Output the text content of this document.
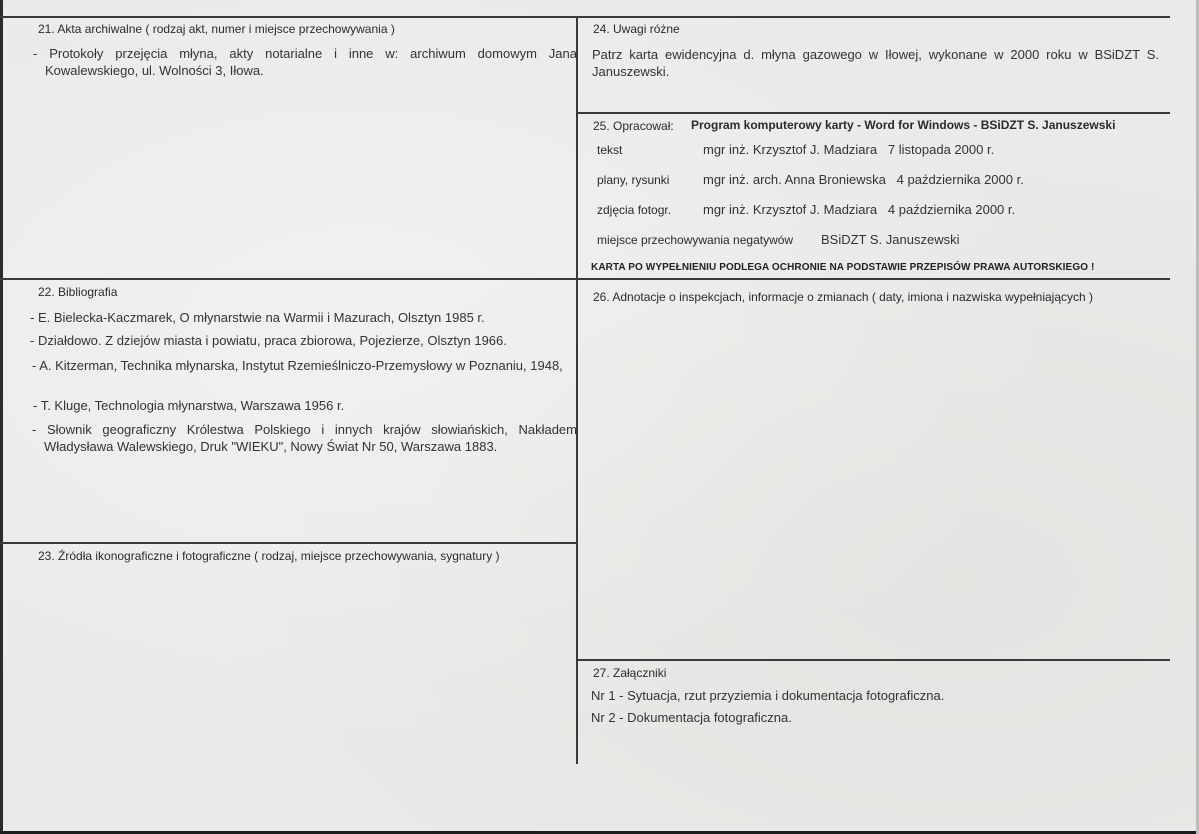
21. Akta archiwalne ( rodzaj akt, numer i miejsce przechowywania )
- Protokoły przejęcia młyna, akty notarialne i inne w: archiwum domowym Jana Kowalewskiego, ul. Wolności 3, Iłowa.
22. Bibliografia
- E. Bielecka-Kaczmarek, O młynarstwie na Warmii i Mazurach, Olsztyn 1985 r.
- Działdowo. Z dziejów miasta i powiatu, praca zbiorowa, Pojezierze, Olsztyn 1966.
- A. Kitzerman, Technika młynarska, Instytut Rzemieślniczo-Przemysłowy w Poznaniu, 1948,
- T. Kluge, Technologia młynarstwa, Warszawa 1956 r.
- Słownik geograficzny Królestwa Polskiego i innych krajów słowiańskich, Nakładem Władysława Walewskiego, Druk "WIEKU", Nowy Świat Nr 50, Warszawa 1883.
23. Źródła ikonograficzne i fotograficzne ( rodzaj, miejsce przechowywania, sygnatury )
24. Uwagi różne
Patrz karta ewidencyjna d. młyna gazowego w Iłowej, wykonane w 2000 roku w BSiDZT S. Januszewski.
25. Opracował: Program komputerowy karty - Word for Windows - BSiDZT S. Januszewski
tekst	mgr inż. Krzysztof J. Madziara   7 listopada 2000 r.
plany, rysunki	mgr inż. arch. Anna Broniewska   4 października 2000 r.
zdjęcia fotogr. mgr inż. Krzysztof J. Madziara   4 października 2000 r.
miejsce przechowywania negatywów BSiDZT S. Januszewski
KARTA PO WYPEŁNIENIU PODLEGA OCHRONIE NA PODSTAWIE PRZEPISÓW PRAWA AUTORSKIEGO !
26. Adnotacje o inspekcjach, informacje o zmianach ( daty, imiona i nazwiska wypełniających )
27. Załączniki
Nr 1 - Sytuacja, rzut przyziemia i dokumentacja fotograficzna.
Nr 2 - Dokumentacja fotograficzna.
